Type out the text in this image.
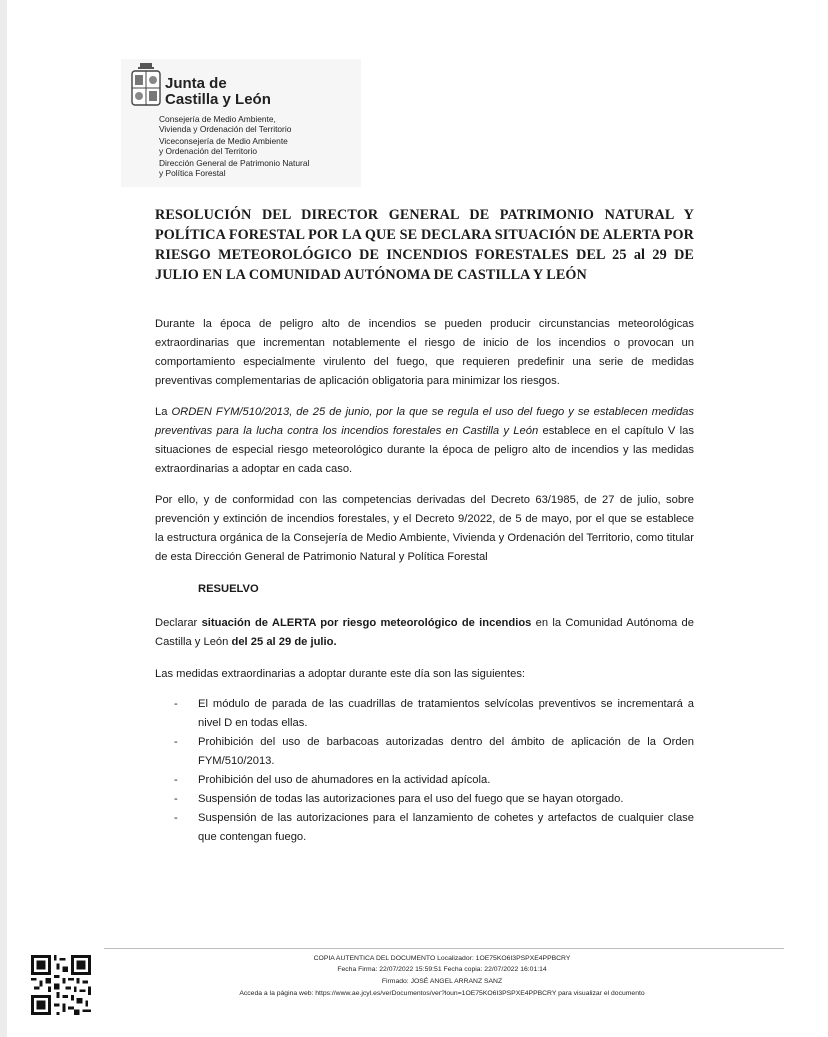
Junta de
Castilla y León
Consejería de Medio Ambiente,
Vivienda y Ordenación del Territorio
Viceconsejería de Medio Ambiente
y Ordenación del Territorio
Dirección General de Patrimonio Natural
y Política Forestal
RESOLUCIÓN DEL DIRECTOR GENERAL DE PATRIMONIO NATURAL Y POLÍTICA FORESTAL POR LA QUE SE DECLARA SITUACIÓN DE ALERTA POR RIESGO METEOROLÓGICO DE INCENDIOS FORESTALES DEL 25 al 29 DE JULIO EN LA COMUNIDAD AUTÓNOMA DE CASTILLA Y LEÓN
Durante la época de peligro alto de incendios se pueden producir circunstancias meteorológicas extraordinarias que incrementan notablemente el riesgo de inicio de los incendios o provocan un comportamiento especialmente virulento del fuego, que requieren predefinir una serie de medidas preventivas complementarias de aplicación obligatoria para minimizar los riesgos.
La ORDEN FYM/510/2013, de 25 de junio, por la que se regula el uso del fuego y se establecen medidas preventivas para la lucha contra los incendios forestales en Castilla y León establece en el capítulo V las situaciones de especial riesgo meteorológico durante la época de peligro alto de incendios y las medidas extraordinarias a adoptar en cada caso.
Por ello, y de conformidad con las competencias derivadas del Decreto 63/1985, de 27 de julio, sobre prevención y extinción de incendios forestales, y el Decreto 9/2022, de 5 de mayo, por el que se establece la estructura orgánica de la Consejería de Medio Ambiente, Vivienda y Ordenación del Territorio, como titular de esta Dirección General de Patrimonio Natural y Política Forestal
RESUELVO
Declarar situación de ALERTA por riesgo meteorológico de incendios en la Comunidad Autónoma de Castilla y León del 25 al 29 de julio.
Las medidas extraordinarias a adoptar durante este día son las siguientes:
- El módulo de parada de las cuadrillas de tratamientos selvícolas preventivos se incrementará a nivel D en todas ellas.
- Prohibición del uso de barbacoas autorizadas dentro del ámbito de aplicación de la Orden FYM/510/2013.
- Prohibición del uso de ahumadores en la actividad apícola.
- Suspensión de todas las autorizaciones para el uso del fuego que se hayan otorgado.
- Suspensión de las autorizaciones para el lanzamiento de cohetes y artefactos de cualquier clase que contengan fuego.
COPIA AUTENTICA DEL DOCUMENTO Localizador: 1OE75KO6I3PSPXE4PPBCRY
Fecha Firma: 22/07/2022 15:59:51 Fecha copia: 22/07/2022 16:01:14
Firmado: JOSÉ ANGEL ARRANZ SANZ
Acceda a la página web: https://www.ae.jcyl.es/verDocumentos/ver?loun=1OE75KO6I3PSPXE4PPBCRY para visualizar el documento
